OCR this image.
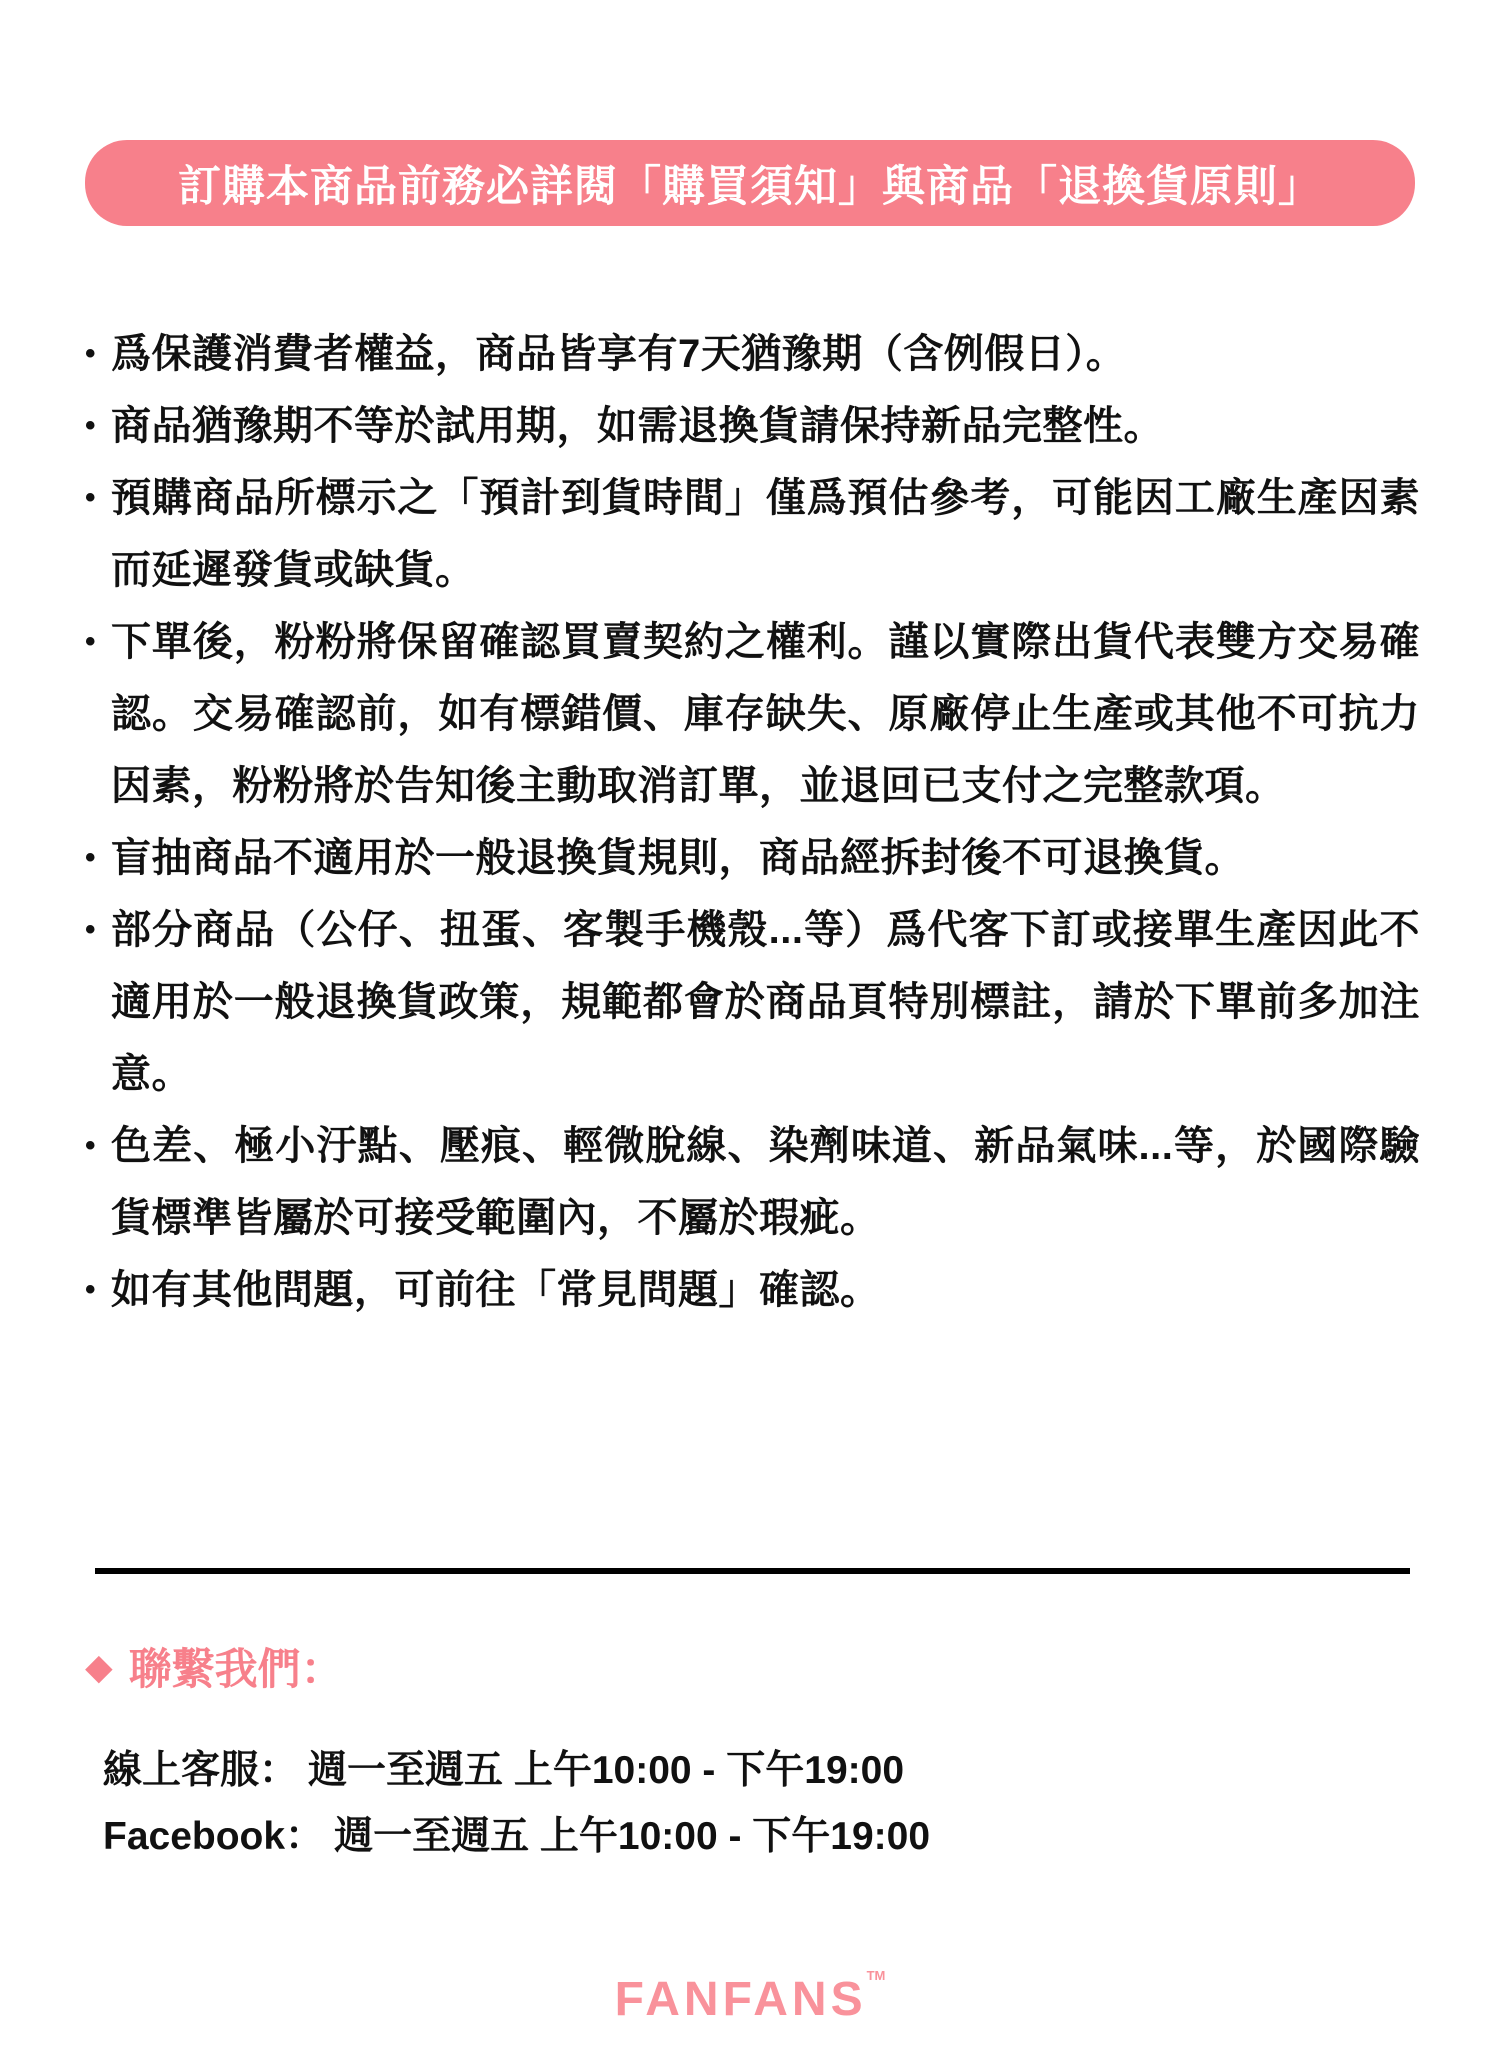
訂購本商品前務必詳閱「購買須知」與商品「退換貨原則」
• 爲保護消費者權益，商品皆享有7天猶豫期（含例假日）。
• 商品猶豫期不等於試用期，如需退換貨請保持新品完整性。
• 預購商品所標示之「預計到貨時間」僅爲預估參考，可能因工廠生產因素而延遲發貨或缺貨。
• 下單後，粉粉將保留確認買賣契約之權利。謹以實際出貨代表雙方交易確認。交易確認前，如有標錯價、庫存缺失、原廠停止生產或其他不可抗力因素，粉粉將於告知後主動取消訂單，並退回已支付之完整款項。
• 盲抽商品不適用於一般退換貨規則，商品經拆封後不可退換貨。
• 部分商品（公仔、扭蛋、客製手機殼...等）爲代客下訂或接單生產因此不適用於一般退換貨政策，規範都會於商品頁特別標註，請於下單前多加注意。
• 色差、極小汙點、壓痕、輕微脫線、染劑味道、新品氣味...等，於國際驗貨標準皆屬於可接受範圍內，不屬於瑕疵。
• 如有其他問題，可前往「常見問題」確認。
◆ 聯繫我們：
線上客服： 週一至週五 上午10:00 - 下午19:00
Facebook： 週一至週五 上午10:00 - 下午19:00
FANFANS™
